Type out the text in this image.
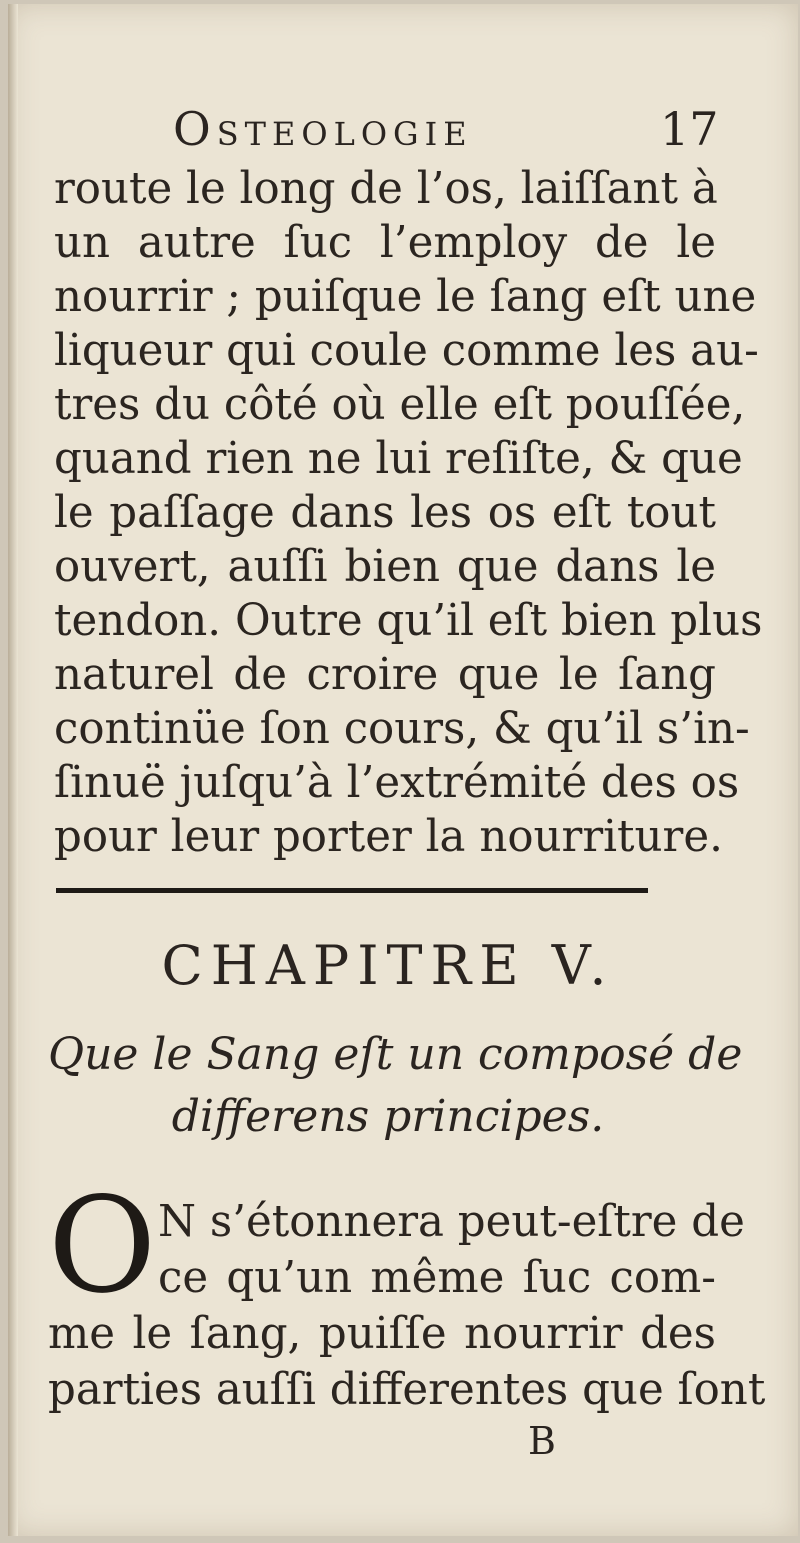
Osteologie	17
route le long de l’os, laiſſant à
un autre ſuc l’employ de le
nourrir ; puiſque le ſang eſt une
liqueur qui coule comme les au-
tres du côté où elle eſt pouſſée,
quand rien ne lui reſiſte, & que
le paſſage dans les os eſt tout
ouvert, auſſi bien que dans le
tendon. Outre qu’il eſt bien plus
naturel de croire que le ſang
continüe ſon cours, & qu’il s’in-
ſinuë juſqu’à l’extrémité des os
pour leur porter la nourriture.
CHAPITRE V.
Que le Sang eſt un composé de
differens principes.
O N s’étonnera peut-eſtre de
ce qu’un même ſuc com-
me le ſang, puiſſe nourrir des
parties auſſi differentes que ſont
B
